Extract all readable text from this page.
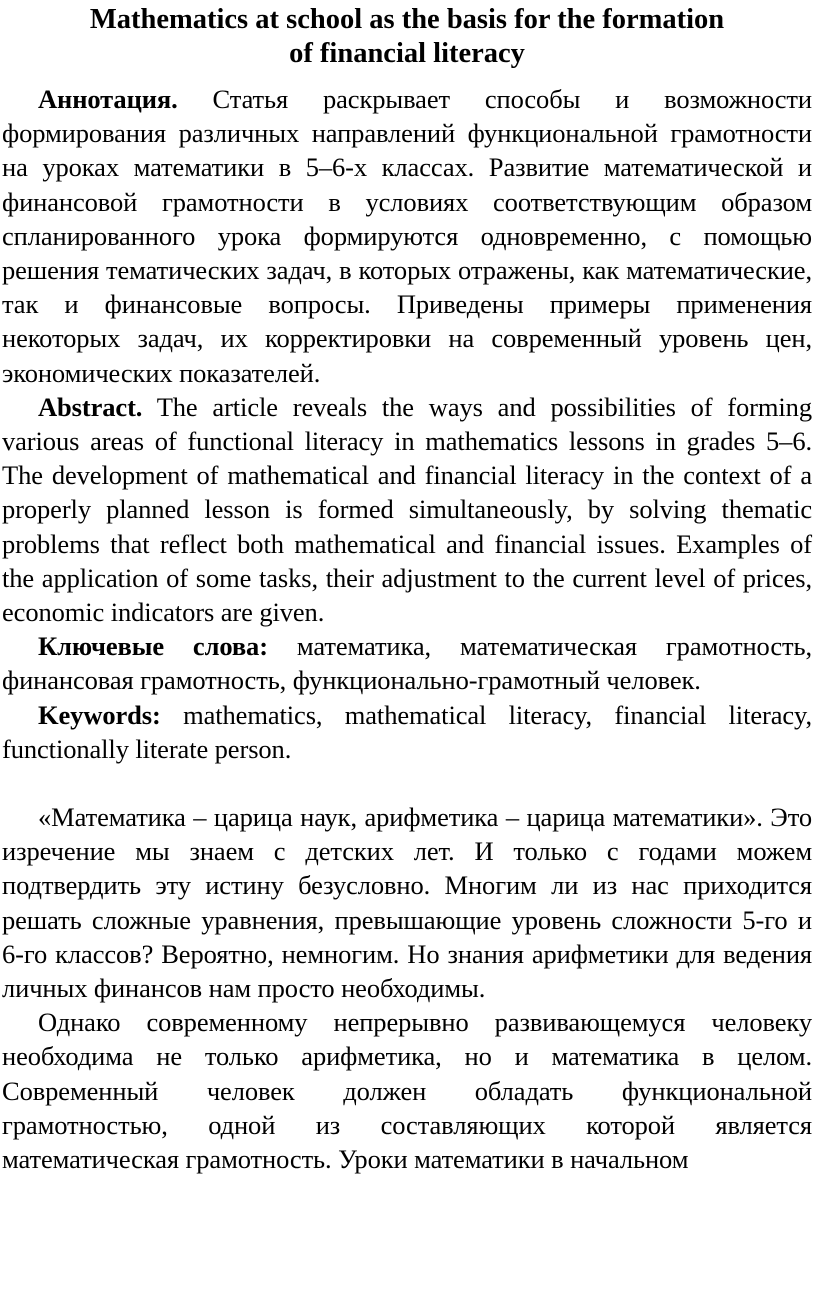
Mathematics at school as the basis for the formation
of financial literacy

Аннотация. Статья раскрывает способы и возможности формирования различных направлений функциональной грамотности на уроках математики в 5–6-х классах. Развитие математической и финансовой грамотности в условиях соответствующим образом спланированного урока формируются одновременно, с помощью решения тематических задач, в которых отражены, как математические, так и финансовые вопросы. Приведены примеры применения некоторых задач, их корректировки на современный уровень цен, экономических показателей.

Abstract. The article reveals the ways and possibilities of forming various areas of functional literacy in mathematics lessons in grades 5–6. The development of mathematical and financial literacy in the context of a properly planned lesson is formed simultaneously, by solving thematic problems that reflect both mathematical and financial issues. Examples of the application of some tasks, their adjustment to the current level of prices, economic indicators are given.

Ключевые слова: математика, математическая грамотность, финансовая грамотность, функционально-грамотный человек.

Keywords: mathematics, mathematical literacy, financial literacy, functionally literate person.

«Математика – царица наук, арифметика – царица математики». Это изречение мы знаем с детских лет. И только с годами можем подтвердить эту истину безусловно. Многим ли из нас приходится решать сложные уравнения, превышающие уровень сложности 5-го и 6-го классов? Вероятно, немногим. Но знания арифметики для ведения личных финансов нам просто необходимы.

Однако современному непрерывно развивающемуся человеку необходима не только арифметика, но и математика в целом. Современный человек должен обладать функциональной грамотностью, одной из составляющих которой является математическая грамотность. Уроки математики в начальном
